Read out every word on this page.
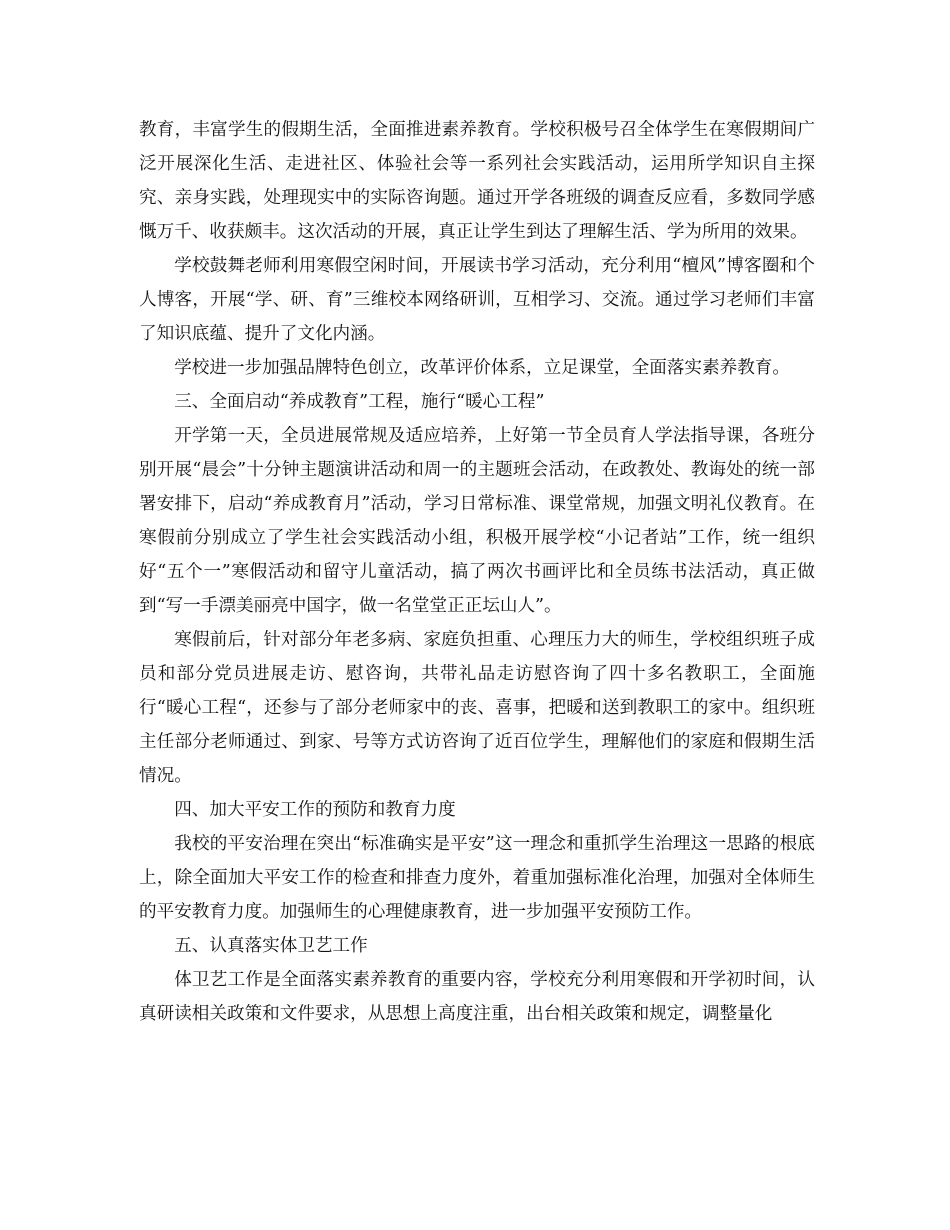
教育，丰富学生的假期生活，全面推进素养教育。学校积极号召全体学生在寒假期间广泛开展深化生活、走进社区、体验社会等一系列社会实践活动，运用所学知识自主探究、亲身实践，处理现实中的实际咨询题。通过开学各班级的调查反应看，多数同学感慨万千、收获颇丰。这次活动的开展，真正让学生到达了理解生活、学为所用的效果。

学校鼓舞老师利用寒假空闲时间，开展读书学习活动，充分利用“檀风”博客圈和个人博客，开展“学、研、育”三维校本网络研训，互相学习、交流。通过学习老师们丰富了知识底蕴、提升了文化内涵。

学校进一步加强品牌特色创立，改革评价体系，立足课堂，全面落实素养教育。

三、全面启动“养成教育”工程，施行“暖心工程”

开学第一天，全员进展常规及适应培养，上好第一节全员育人学法指导课，各班分别开展“晨会”十分钟主题演讲活动和周一的主题班会活动，在政教处、教诲处的统一部署安排下，启动“养成教育月”活动，学习日常标准、课堂常规，加强文明礼仪教育。在寒假前分别成立了学生社会实践活动小组，积极开展学校“小记者站”工作，统一组织好“五个一”寒假活动和留守儿童活动，搞了两次书画评比和全员练书法活动，真正做到“写一手漂美丽亮中国字，做一名堂堂正正坛山人”。

寒假前后，针对部分年老多病、家庭负担重、心理压力大的师生，学校组织班子成员和部分党员进展走访、慰咨询，共带礼品走访慰咨询了四十多名教职工，全面施行“暖心工程“，还参与了部分老师家中的丧、喜事，把暖和送到教职工的家中。组织班主任部分老师通过、到家、号等方式访咨询了近百位学生，理解他们的家庭和假期生活情况。

四、加大平安工作的预防和教育力度

我校的平安治理在突出“标准确实是平安”这一理念和重抓学生治理这一思路的根底上，除全面加大平安工作的检查和排查力度外，着重加强标准化治理，加强对全体师生的平安教育力度。加强师生的心理健康教育，进一步加强平安预防工作。

五、认真落实体卫艺工作

体卫艺工作是全面落实素养教育的重要内容，学校充分利用寒假和开学初时间，认真研读相关政策和文件要求，从思想上高度注重，出台相关政策和规定，调整量化
